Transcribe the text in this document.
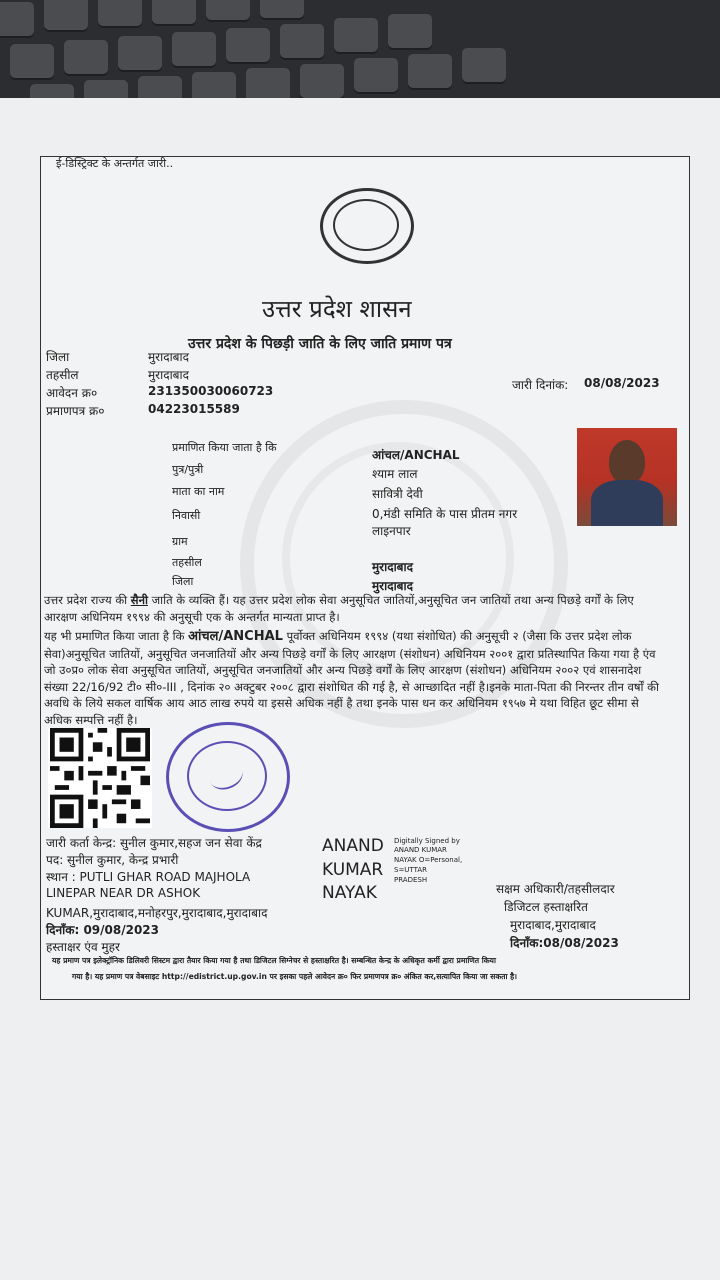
ई-डिस्ट्रिक्ट के अन्तर्गत जारी..
उत्तर प्रदेश शासन
उत्तर प्रदेश के पिछड़ी जाति के लिए जाति प्रमाण पत्र
जिला	मुरादाबाद
तहसील	मुरादाबाद
आवेदन क्र०	231350030060723
प्रमाणपत्र क्र०	04223015589
जारी दिनांक: 08/08/2023
प्रमाणित किया जाता है कि
आंचल/ANCHAL
पुत्र/पुत्री	श्याम लाल
माता का नाम	सावित्री देवी
निवासी	0,मंडी समिति के पास प्रीतम नगर
लाइनपार
ग्राम
तहसील	मुरादाबाद
जिला	मुरादाबाद
उत्तर प्रदेश राज्य की सैनी जाति के व्यक्ति हैं। यह उत्तर प्रदेश लोक सेवा अनुसूचित जातियों,अनुसूचित जन जातियों तथा अन्य पिछड़े वर्गों के लिए आरक्षण अधिनियम १९९४ की अनुसूची एक के अन्तर्गत मान्यता प्राप्त है।
यह भी प्रमाणित किया जाता है कि आंचल/ANCHAL पूर्वोक्त अधिनियम १९९४ (यथा संशोधित) की अनुसूची २ (जैसा कि उत्तर प्रदेश लोक सेवा)अनुसूचित जातियों, अनुसूचित जनजातियों और अन्य पिछड़े वर्गों के लिए आरक्षण (संशोधन) अधिनियम २००१ द्वारा प्रतिस्थापित किया गया है एंव जो उ०प्र० लोक सेवा अनुसूचित जातियों, अनुसूचित जनजातियों और अन्य पिछड़े वर्गों के लिए आरक्षण (संशोधन) अधिनियम २००२ एवं शासनादेश संख्या 22/16/92 टी० सी०-III , दिनांक २० अक्टुबर २००८ द्वारा संशोधित की गई है, से आच्छादित नहीं है।इनके माता-पिता की निरन्तर तीन वर्षों की अवधि के लिये सकल वार्षिक आय आठ लाख रुपये या इससे अधिक नहीं है तथा इनके पास धन कर अधिनियम १९५७ मे यथा विहित छूट सीमा से अधिक सम्पत्ति नहीं है।
जारी कर्ता केन्द्र: सुनील कुमार,सहज जन सेवा केंद्र
पद: सुनील कुमार, केन्द्र प्रभारी
स्थान : PUTLI GHAR ROAD MAJHOLA
LINEPAR NEAR DR ASHOK
KUMAR,मुरादाबाद,मनोहरपुर,मुरादाबाद,मुरादाबाद
दिनाँक: 09/08/2023
हस्ताक्षर एंव मुहर
ANAND
KUMAR
NAYAK
Digitally Signed by
ANAND KUMAR
NAYAK O=Personal,
S=UTTAR
PRADESH
सक्षम अधिकारी/तहसीलदार
डिजिटल हस्ताक्षरित
मुरादाबाद,मुरादाबाद
दिनाँक:08/08/2023
यह प्रमाण पत्र इलेक्ट्रॉनिक डिलिवरी सिस्टम द्वारा तैयार किया गया है तथा डिजिटल सिग्नेचर से हस्ताक्षरित है। सम्बन्धित केन्द्र के अधिकृत कर्मी द्वारा प्रमाणित किया
गया है। यह प्रमाण पत्र वेबसाइट http://edistrict.up.gov.in पर इसका पहले आवेदन क्र० फिर प्रमाणपत्र क्र० अंकित कर,सत्यापित किया जा सकता है।
